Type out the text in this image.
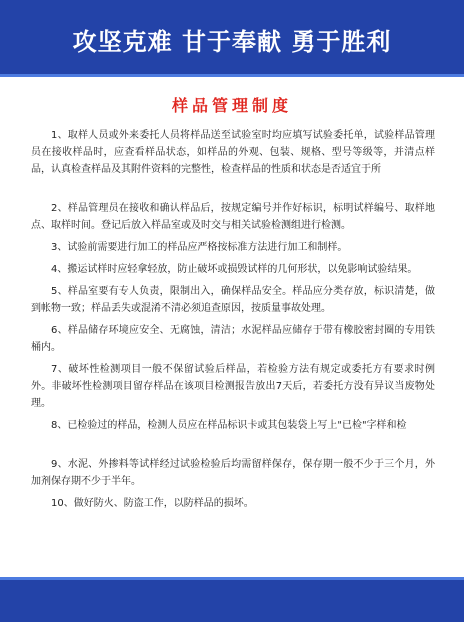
攻坚克难 甘于奉献 勇于胜利
样品管理制度

1、取样人员或外来委托人员将样品送至试验室时均应填写试验委托单，试验样品管理员在接收样品时，应查看样品状态，如样品的外观、包装、规格、型号等级等，并清点样品，认真检查样品及其附件资料的完整性，检查样品的性质和状态是否适宜于所

2、样品管理员在接收和确认样品后，按规定编号并作好标识，标明试样编号、取样地点、取样时间。登记后放入样品室或及时交与相关试验检测组进行检测。

3、试验前需要进行加工的样品应严格按标准方法进行加工和制样。

4、搬运试样时应轻拿轻放，防止破坏或损毁试样的几何形状，以免影响试验结果。

5、样品室要有专人负责，限制出入，确保样品安全。样品应分类存放，标识清楚，做到帐物一致；样品丢失或混淆不清必须追查原因，按质量事故处理。

6、样品储存环境应安全、无腐蚀，清洁；水泥样品应储存于带有橡胶密封圈的专用铁桶内。

7、破坏性检测项目一般不保留试验后样品，若检验方法有规定或委托方有要求时例外。非破坏性检测项目留存样品在该项目检测报告放出7天后，若委托方没有异议当废物处理。

8、已检验过的样品，检测人员应在样品标识卡或其包装袋上写上"已检"字样和检

9、水泥、外掺料等试样经过试验检验后均需留样保存，保存期一般不少于三个月，外加剂保存期不少于半年。

10、做好防火、防盗工作，以防样品的损坏。
